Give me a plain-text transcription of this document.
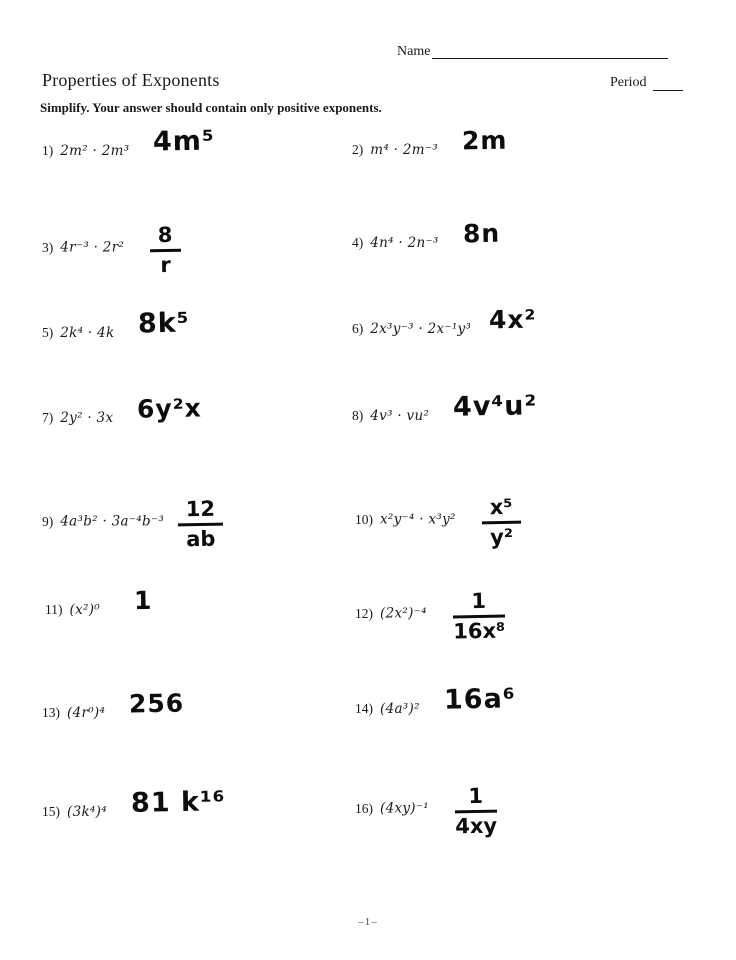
Name
Properties of Exponents	Period
Simplify. Your answer should contain only positive exponents.
1) 2m² · 2m³ 4m⁵	2) m⁴ · 2m⁻³ 2m
3) $4r^{-3} \cdot 2r^2 \frac{8}{r}$	4) 4n⁴ · 2n⁻³ 8n
5) 2k⁴ · 4k 8k⁵	6) 2x³y⁻³ · 2x⁻¹y³ 4x²
7) 2y² · 3x 6y²x	8) 4v³ · vu² 4v⁴u²
9) $4a^3b^2 \cdot 3a^{-4}b^{-3} \frac{12}{ab}$	10) $x^2y^{-4} \cdot x^3y^2 \frac{\text{x⁵}}{\text{y²}}$
11) (x²)⁰ 1	12) $(2x^2)^{-4} \frac{1}{\text{16x⁸}}$
13) (4r⁰)⁴ 256	14) (4a³)² 16a⁶
15) (3k⁴)⁴ 81 k¹⁶	16) $(4xy)^{-1} \frac{1}{4xy}$
–1–
